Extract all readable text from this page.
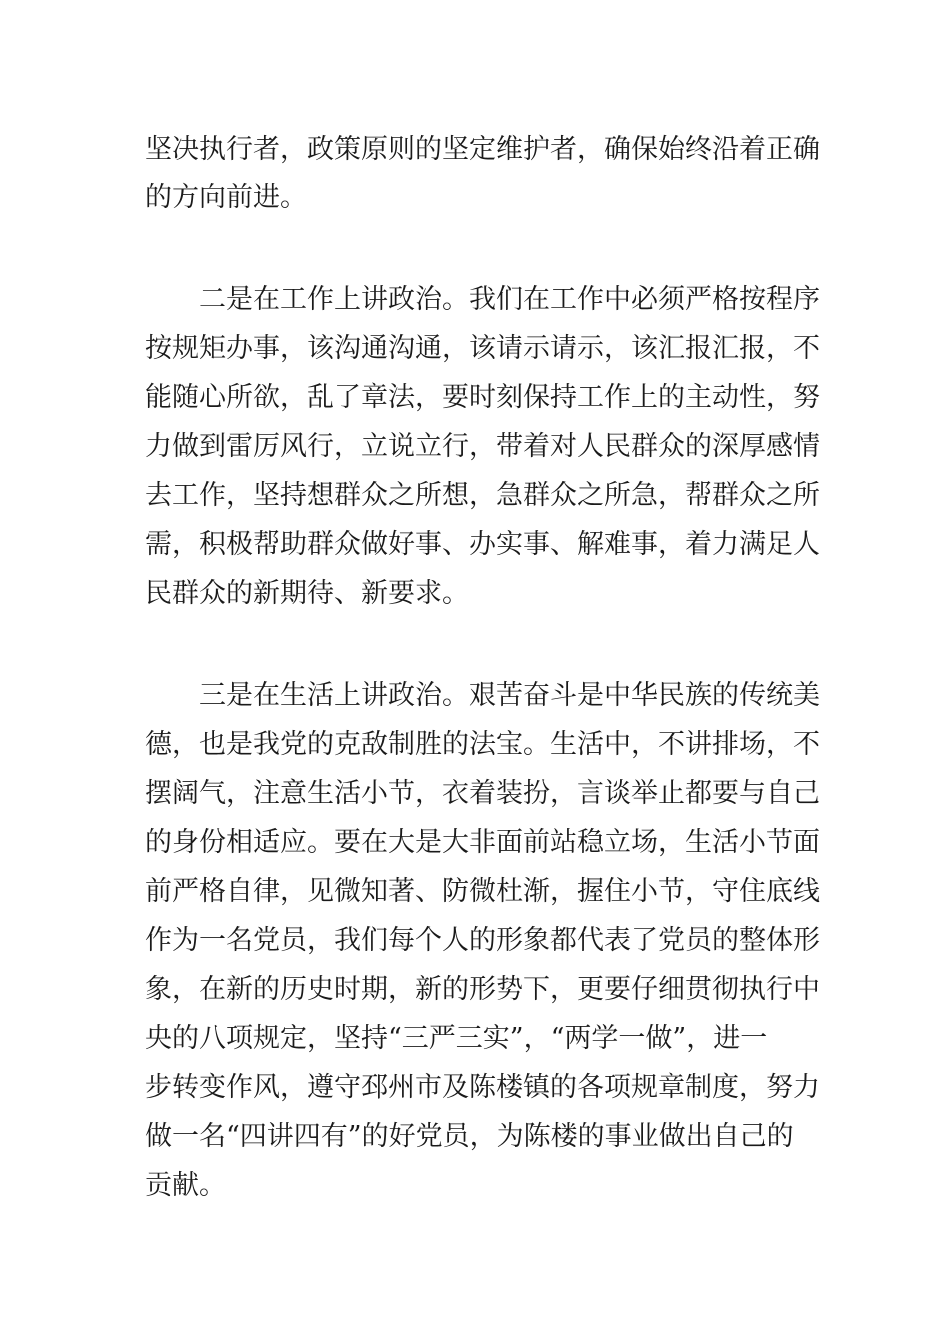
坚决执行者，政策原则的坚定维护者，确保始终沿着正确
的方向前进。
二是在工作上讲政治。我们在工作中必须严格按程序
按规矩办事，该沟通沟通，该请示请示，该汇报汇报，不
能随心所欲，乱了章法，要时刻保持工作上的主动性，努
力做到雷厉风行，立说立行，带着对人民群众的深厚感情
去工作，坚持想群众之所想，急群众之所急，帮群众之所
需，积极帮助群众做好事、办实事、解难事，着力满足人
民群众的新期待、新要求。
三是在生活上讲政治。艰苦奋斗是中华民族的传统美
德，也是我党的克敌制胜的法宝。生活中，不讲排场，不
摆阔气，注意生活小节，衣着装扮，言谈举止都要与自己
的身份相适应。要在大是大非面前站稳立场，生活小节面
前严格自律，见微知著、防微杜渐，握住小节，守住底线
作为一名党员，我们每个人的形象都代表了党员的整体形
象，在新的历史时期，新的形势下，更要仔细贯彻执行中
央的八项规定，坚持“三严三实”，“两学一做”，进一
步转变作风，遵守邳州市及陈楼镇的各项规章制度，努力
做一名“四讲四有”的好党员，为陈楼的事业做出自己的
贡献。
